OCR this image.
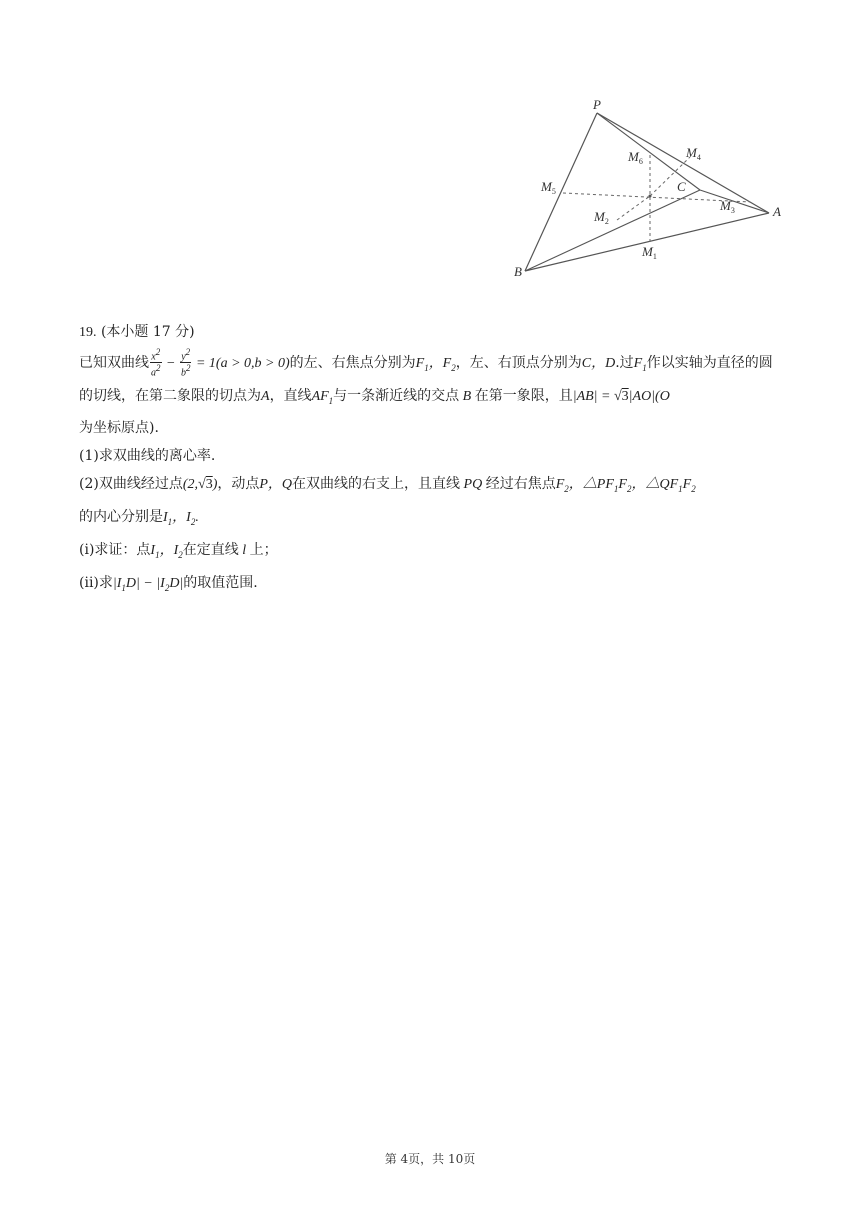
P
A
B
C
$M_5$
$M_6$
$M_4$
$M_3$
$M_2$
$M_1$

19. (本小题 17 分)

已知双曲线 $\frac{x^2}{a^2} - \frac{y^2}{b^2} = 1(a > 0,b > 0)$的左、右焦点分别为$F_1$，$F_2$，左、右顶点分别为C，D.过$F_1$作以实轴为直径的圆的切线，在第二象限的切点为A，直线$AF_1$与一条渐近线的交点 B 在第一象限，且|AB| = √3|AO|(O
为坐标原点).

(1)求双曲线的离心率.

(2)双曲线经过点(2,√3)，动点P，Q在双曲线的右支上，且直线 PQ 经过右焦点$F_2$，$\triangle PF_1F_2$，$\triangle QF_1F_2$
的内心分别是$I_1$，$I_2$.

(i)求证：点$I_1$，$I_2$在定直线 l 上；

(ii)求$|I_1D| - |I_2D|$的取值范围.

第 4页，共 10页
